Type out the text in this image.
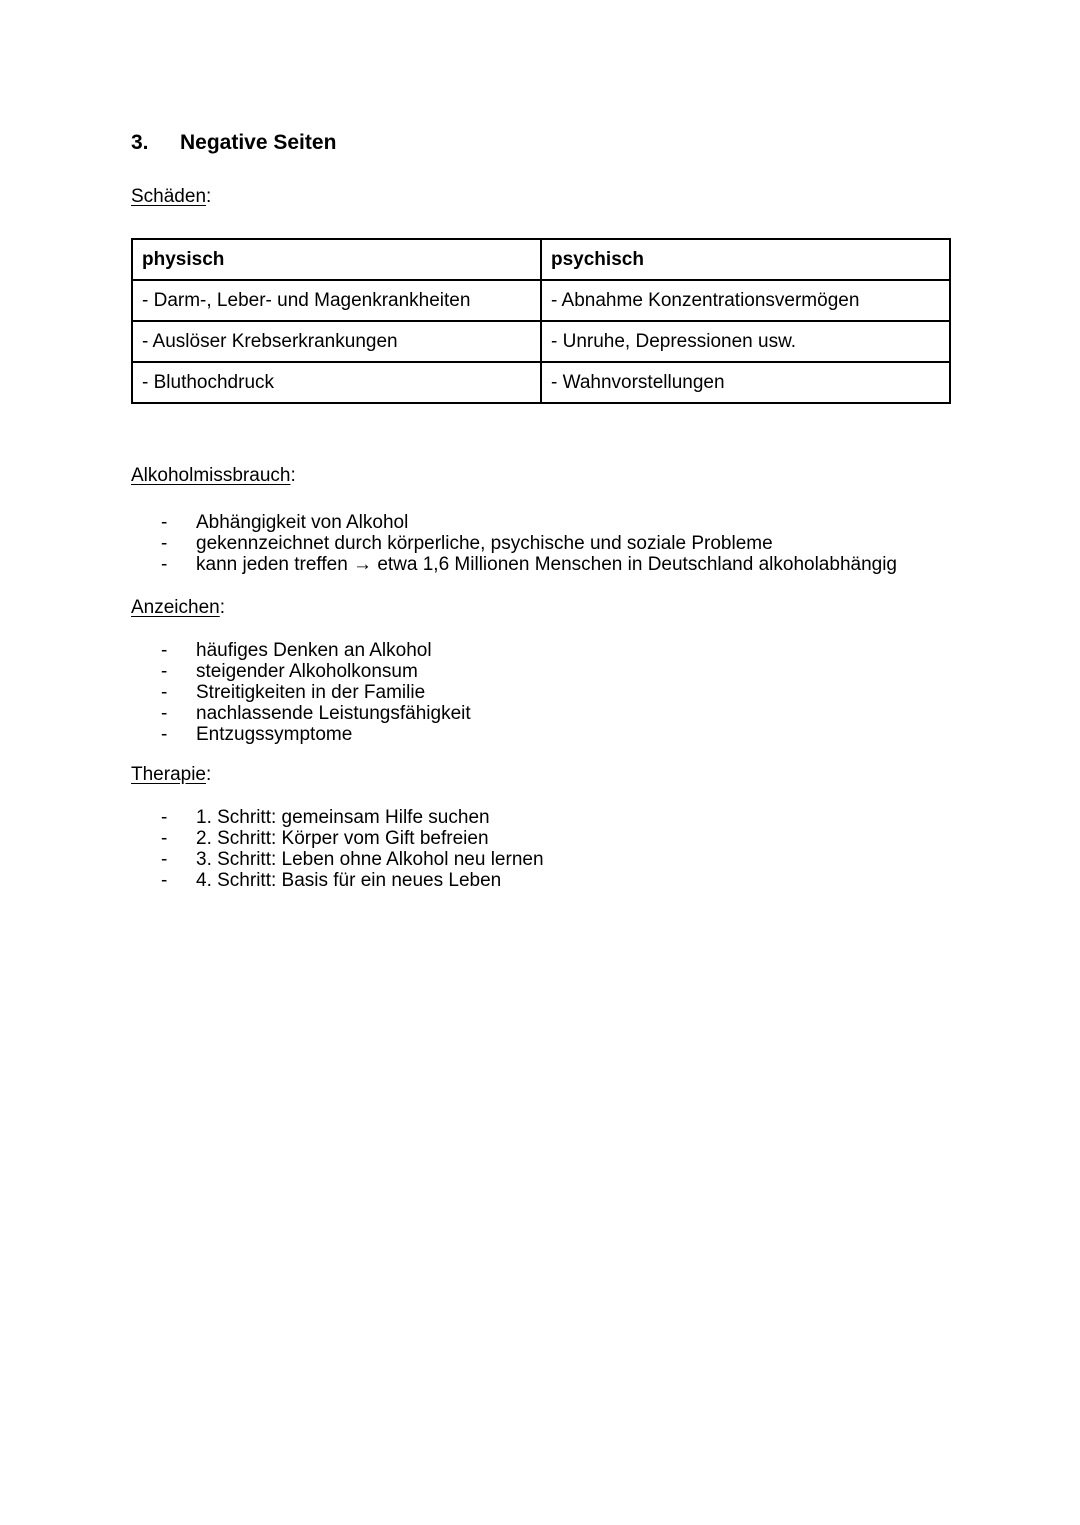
3. Negative Seiten
Schäden:
physisch	psychisch
- Darm-, Leber- und Magenkrankheiten	- Abnahme Konzentrationsvermögen
- Auslöser Krebserkrankungen	- Unruhe, Depressionen usw.
- Bluthochdruck	- Wahnvorstellungen
Alkoholmissbrauch:
- Abhängigkeit von Alkohol
- gekennzeichnet durch körperliche, psychische und soziale Probleme
- kann jeden treffen → etwa 1,6 Millionen Menschen in Deutschland alkoholabhängig
Anzeichen:
- häufiges Denken an Alkohol
- steigender Alkoholkonsum
- Streitigkeiten in der Familie
- nachlassende Leistungsfähigkeit
- Entzugssymptome
Therapie:
- 1. Schritt: gemeinsam Hilfe suchen
- 2. Schritt: Körper vom Gift befreien
- 3. Schritt: Leben ohne Alkohol neu lernen
- 4. Schritt: Basis für ein neues Leben
